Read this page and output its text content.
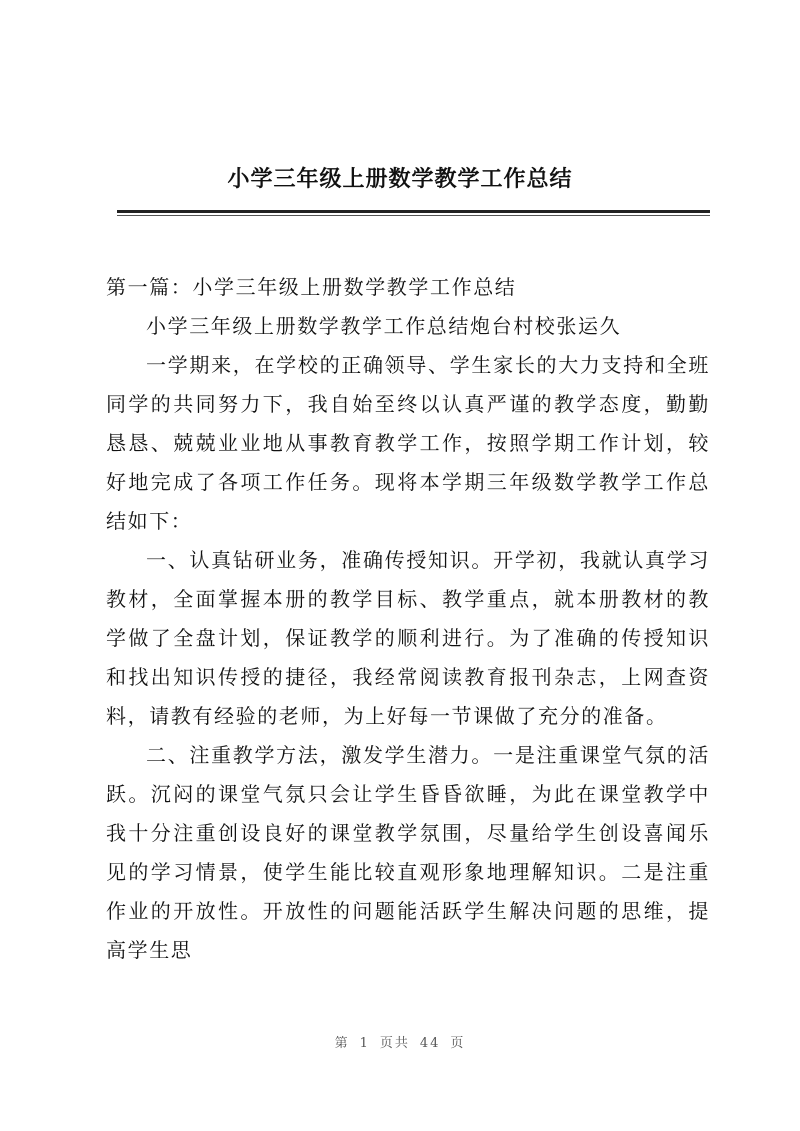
小学三年级上册数学教学工作总结

第一篇：小学三年级上册数学教学工作总结

小学三年级上册数学教学工作总结炮台村校张运久

一学期来，在学校的正确领导、学生家长的大力支持和全班同学的共同努力下，我自始至终以认真严谨的教学态度，勤勤恳恳、兢兢业业地从事教育教学工作，按照学期工作计划，较好地完成了各项工作任务。现将本学期三年级数学教学工作总结如下：

一、认真钻研业务，准确传授知识。开学初，我就认真学习教材，全面掌握本册的教学目标、教学重点，就本册教材的教学做了全盘计划，保证教学的顺利进行。为了准确的传授知识和找出知识传授的捷径，我经常阅读教育报刊杂志，上网查资料，请教有经验的老师，为上好每一节课做了充分的准备。

二、注重教学方法，激发学生潜力。一是注重课堂气氛的活跃。沉闷的课堂气氛只会让学生昏昏欲睡，为此在课堂教学中我十分注重创设良好的课堂教学氛围，尽量给学生创设喜闻乐见的学习情景，使学生能比较直观形象地理解知识。二是注重作业的开放性。开放性的问题能活跃学生解决问题的思维，提高学生思

第 1 页共 44 页
